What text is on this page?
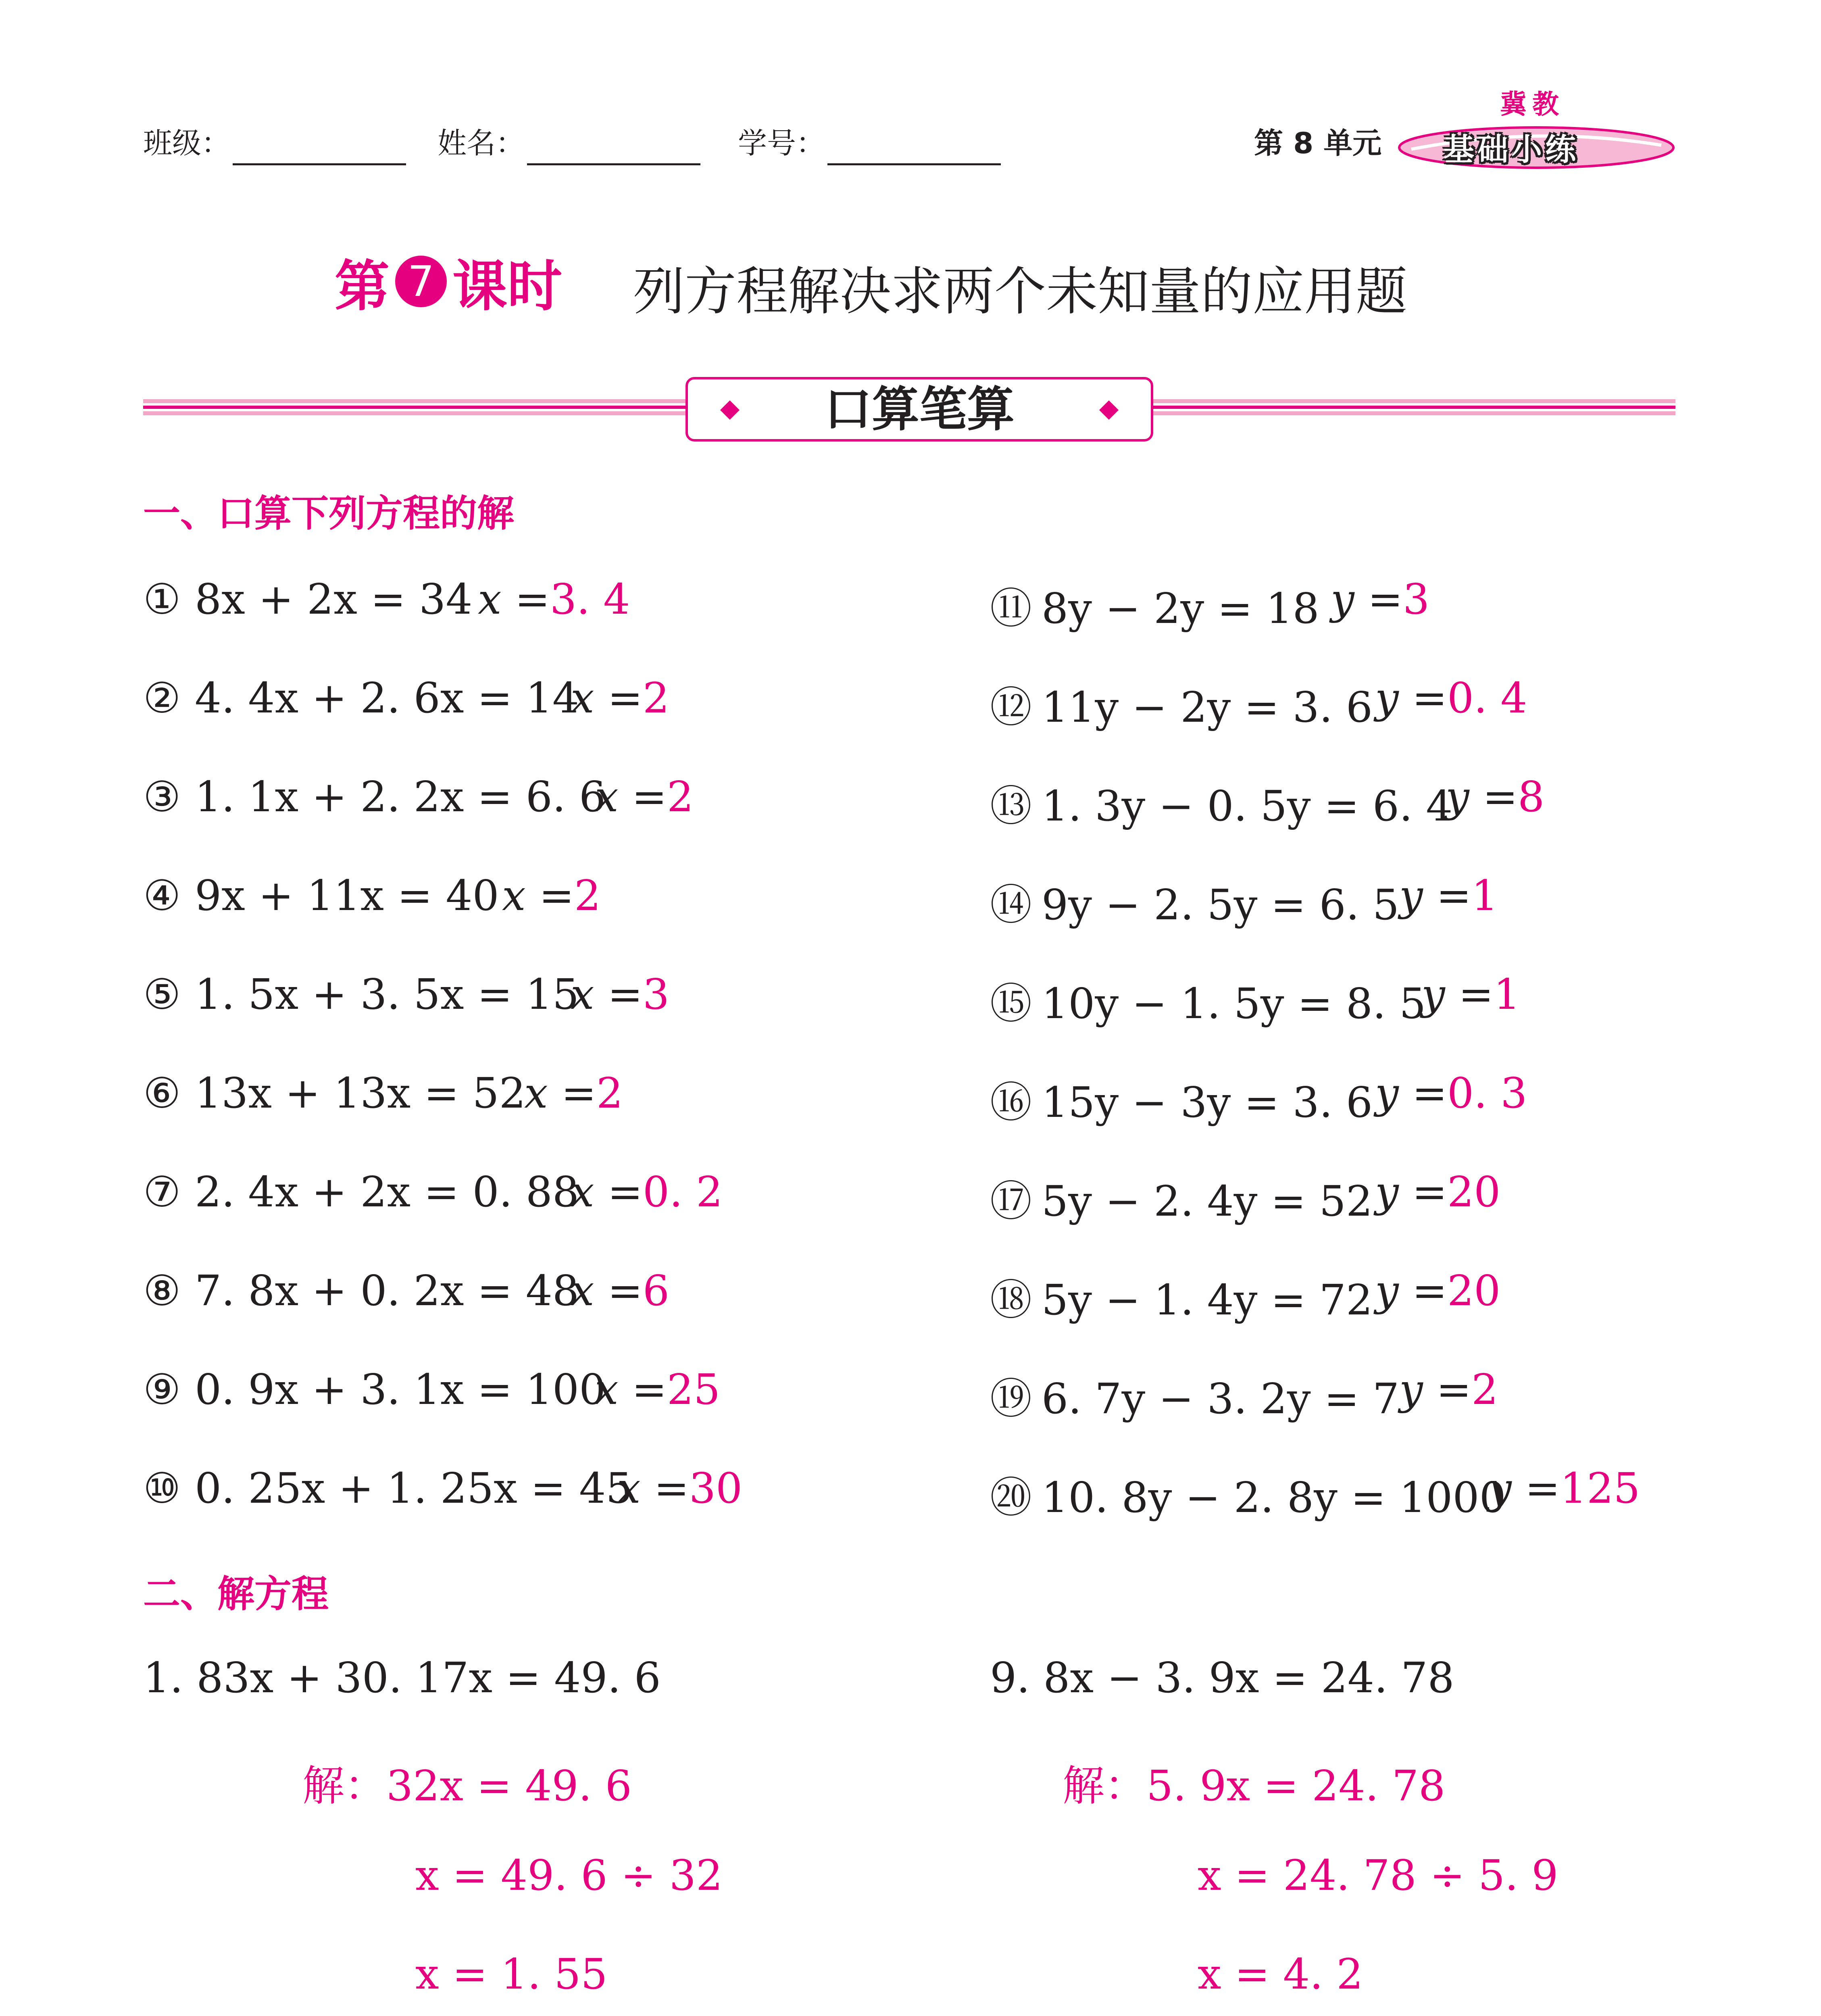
班级：	姓名：	学号：	第 8 单元
冀教
基础小练
第 7 课时 列方程解决求两个未知量的应用题
口算笔算
一、口算下列方程的解
① 8x + 2x = 34 x =3. 4
② 4. 4x + 2. 6x = 14
x =2
③ 1. 1x + 2. 2x = 6. 6
x =2
④ 9x + 11x = 40 x =2
⑤ 1. 5x + 3. 5x = 15
x =3
⑥ 13x + 13x = 52
x =2
⑦ 2. 4x + 2x = 0. 88
x =0. 2
⑧ 7. 8x + 0. 2x = 48
x =6
⑨ 0. 9x + 3. 1x = 100
x =25
⑩ 0. 25x + 1. 25x = 45
x =30
⑪ 8y − 2y = 18 y =3
⑫ 11y − 2y = 3. 6 y =0. 4
⑬ 1. 3y − 0. 5y = 6. 4
y =8
⑭ 9y − 2. 5y = 6. 5 y =1
⑮ 10y − 1. 5y = 8. 5
y =1
⑯ 15y − 3y = 3. 6 y =0. 3
⑰ 5y − 2. 4y = 52 y =20
⑱ 5y − 1. 4y = 72 y =20
⑲ 6. 7y − 3. 2y = 7 y =2
⑳ 10. 8y − 2. 8y = 1000
y =125
二、解方程
1. 83x + 30. 17x = 49. 6
解：32x = 49. 6
x = 49. 6 ÷ 32
x = 1. 55
9. 8x − 3. 9x = 24. 78
解：5. 9x = 24. 78
x = 24. 78 ÷ 5. 9
x = 4. 2
